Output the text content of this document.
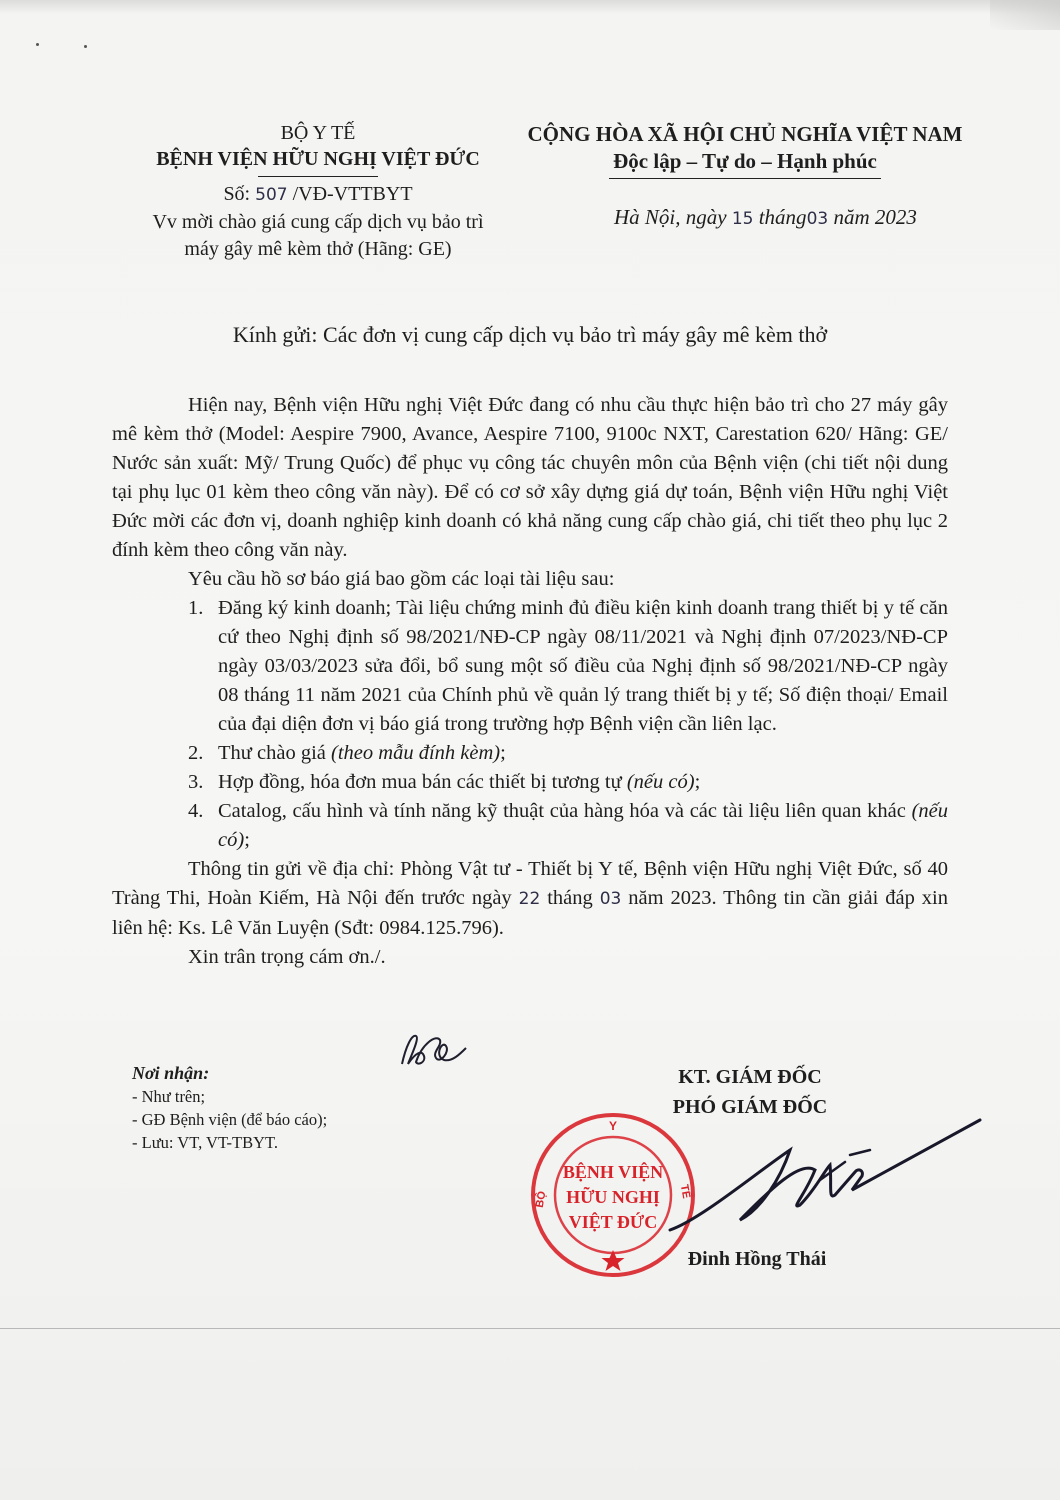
BỘ Y TẾ
BỆNH VIỆN HỮU NGHỊ VIỆT ĐỨC
Số: 507 /VĐ-VTTBYT
Vv mời chào giá cung cấp dịch vụ bảo trì
máy gây mê kèm thở (Hãng: GE)
CỘNG HÒA XÃ HỘI CHỦ NGHĨA VIỆT NAM
Độc lập – Tự do – Hạnh phúc
Hà Nội, ngày 15 tháng03 năm 2023
Kính gửi: Các đơn vị cung cấp dịch vụ bảo trì máy gây mê kèm thở

Hiện nay, Bệnh viện Hữu nghị Việt Đức đang có nhu cầu thực hiện bảo trì cho 27 máy gây mê kèm thở (Model: Aespire 7900, Avance, Aespire 7100, 9100c NXT, Carestation 620/ Hãng: GE/ Nước sản xuất: Mỹ/ Trung Quốc) để phục vụ công tác chuyên môn của Bệnh viện (chi tiết nội dung tại phụ lục 01 kèm theo công văn này). Để có cơ sở xây dựng giá dự toán, Bệnh viện Hữu nghị Việt Đức mời các đơn vị, doanh nghiệp kinh doanh có khả năng cung cấp chào giá, chi tiết theo phụ lục 2 đính kèm theo công văn này.

Yêu cầu hồ sơ báo giá bao gồm các loại tài liệu sau:

1. Đăng ký kinh doanh; Tài liệu chứng minh đủ điều kiện kinh doanh trang thiết bị y tế căn cứ theo Nghị định số 98/2021/NĐ-CP ngày 08/11/2021 và Nghị định 07/2023/NĐ-CP ngày 03/03/2023 sửa đổi, bổ sung một số điều của Nghị định số 98/2021/NĐ-CP ngày 08 tháng 11 năm 2021 của Chính phủ về quản lý trang thiết bị y tế; Số điện thoại/ Email của đại diện đơn vị báo giá trong trường hợp Bệnh viện cần liên lạc.
2. Thư chào giá (theo mẫu đính kèm);
3. Hợp đồng, hóa đơn mua bán các thiết bị tương tự (nếu có);
4. Catalog, cấu hình và tính năng kỹ thuật của hàng hóa và các tài liệu liên quan khác (nếu có);

Thông tin gửi về địa chỉ: Phòng Vật tư - Thiết bị Y tế, Bệnh viện Hữu nghị Việt Đức, số 40 Tràng Thi, Hoàn Kiếm, Hà Nội đến trước ngày 22 tháng 03 năm 2023. Thông tin cần giải đáp xin liên hệ: Ks. Lê Văn Luyện (Sđt: 0984.125.796).

Xin trân trọng cám ơn./.

Nơi nhận:
- Như trên;
- GĐ Bệnh viện (để báo cáo);
- Lưu: VT, VT-TBYT.
Y
BỘ	TẾ
BỆNH VIỆN
HỮU NGHỊ
VIỆT ĐỨC
KT. GIÁM ĐỐC
PHÓ GIÁM ĐỐC
Đinh Hồng Thái
